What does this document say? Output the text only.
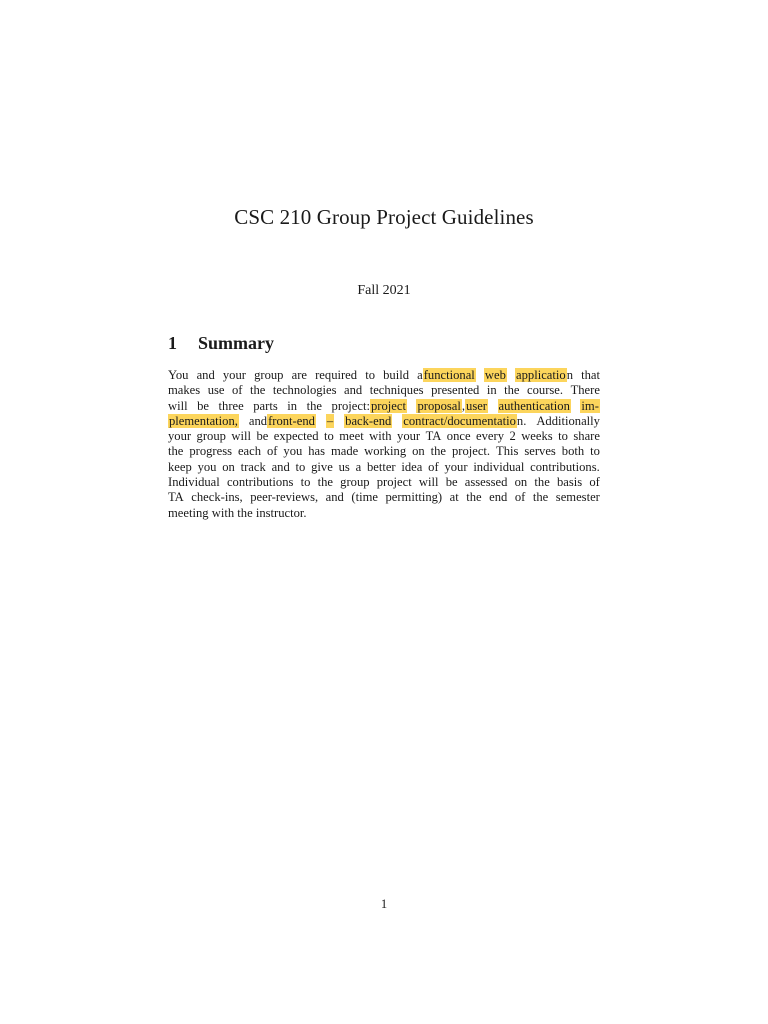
CSC 210 Group Project Guidelines
Fall 2021
1 Summary
You and your group are required to build afunctional web application that
makes use of the technologies and techniques presented in the course. There
will be three parts in the project:project proposal,user authentication im-
plementation, andfront-end – back-end contract/documentation. Additionally
your group will be expected to meet with your TA once every 2 weeks to share
the progress each of you has made working on the project. This serves both to
keep you on track and to give us a better idea of your individual contributions.
Individual contributions to the group project will be assessed on the basis of
TA check-ins, peer-reviews, and (time permitting) at the end of the semester
meeting
with
the
instructor.
1
